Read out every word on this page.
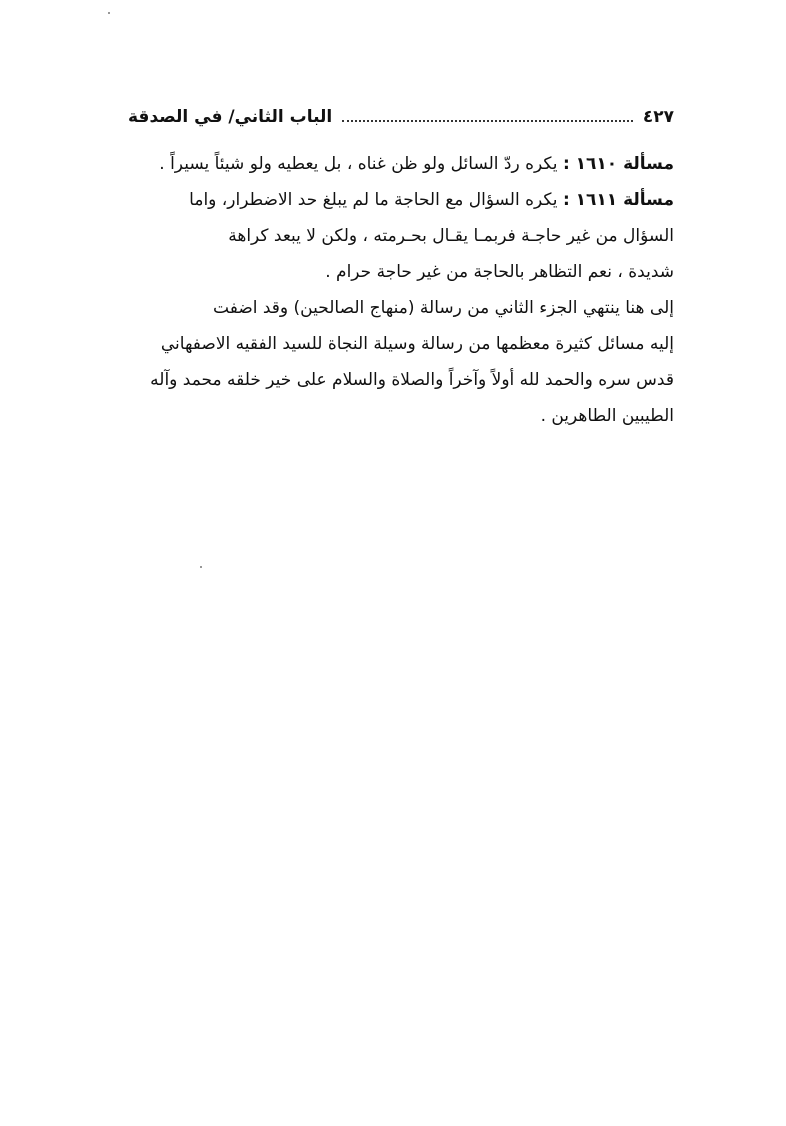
الباب الثاني/ في الصدقة	٤٢٧

مسألة ١٦١٠ : يكره ردّ السائل ولو ظن غناه ، بل يعطيه ولو شيئاً يسيراً .

مسألة ١٦١١ : يكره السؤال مع الحاجة ما لم يبلغ حد الاضطرار، واما
السؤال من غير حاجـة فربمـا يقـال بحـرمته ، ولكن لا يبعد كراهة
شديدة ، نعم التظاهر بالحاجة من غير حاجة حرام .

إلى هنا ينتهي الجزء الثاني من رسالة (منهاج الصالحين) وقد اضفت
إليه مسائل كثيرة معظمها من رسالة وسيلة النجاة للسيد الفقيه الاصفهاني
قدس سره والحمد لله أولاً وآخراً والصلاة والسلام على خير خلقه محمد وآله
الطيبين الطاهرين .
